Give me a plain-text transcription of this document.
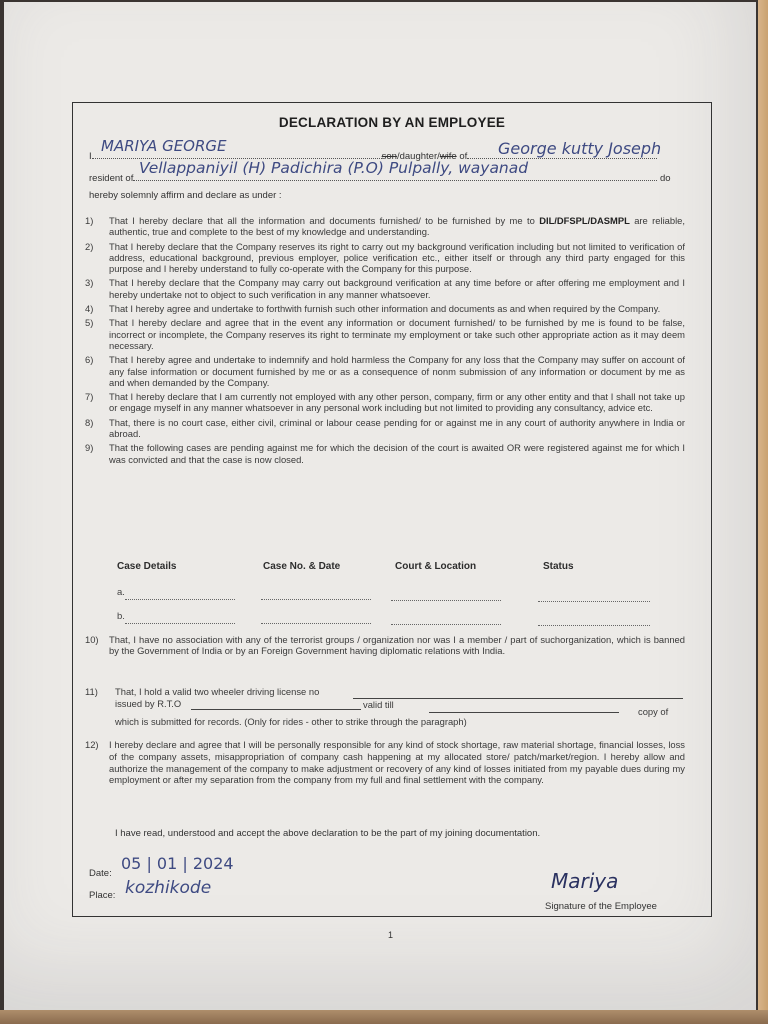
DECLARATION BY AN EMPLOYEE
I	son/daughter/wife of
MARIYA GEORGE	George kutty Joseph
resident of	do
Vellappaniyil (H) Padichira (P.O) Pulpally, wayanad
hereby solemnly affirm and declare as under :
1)	That I hereby declare that all the information and documents furnished/ to be furnished by me to DIL/DFSPL/DASMPL are reliable, authentic, true and complete to the best of my knowledge and understanding.
2)	That I hereby declare that the Company reserves its right to carry out my background verification including but not limited to verification of address, educational background, previous employer, police verification etc., either itself or through any third party engaged for this purpose and I hereby understand to fully co-operate with the Company for this purpose.
3)	That I hereby declare that the Company may carry out background verification at any time before or after offering me employment and I hereby undertake not to object to such verification in any manner whatsoever.
4)	That I hereby agree and undertake to forthwith furnish such other information and documents as and when required by the Company.
5)	That I hereby declare and agree that in the event any information or document furnished/ to be furnished by me is found to be false, incorrect or incomplete, the Company reserves its right to terminate my employment or take such other appropriate action as it may deem necessary.
6)	That I hereby agree and undertake to indemnify and hold harmless the Company for any loss that the Company may suffer on account of any false information or document furnished by me or as a consequence of nonm submission of any information or document by me as and when demanded by the Company.
7)	That I hereby declare that I am currently not employed with any other person, company, firm or any other entity and that I shall not take up or engage myself in any manner whatsoever in any personal work including but not limited to providing any consultancy, advice etc.
8)	That, there is no court case, either civil, criminal or labour cease pending for or against me in any court of authority anywhere in India or abroad.
9)	That the following cases are pending against me for which the decision of the court is awaited OR were registered against me for which I was convicted and that the case is now closed.
Case Details	Case No. & Date	Court & Location	Status
a.
b.
10)	That, I have no association with any of the terrorist groups / organization nor was I a member / part of suchorganization, which is banned by the Government of India or by an Foreign Government having diplomatic relations with India.
11) That, I hold a valid two wheeler driving license no
issued by R.T.O	valid till
copy of
which is submitted for records. (Only for rides - other to strike through the paragraph)
12)	I hereby declare and agree that I will be personally responsible for any kind of stock shortage, raw material shortage, financial losses, loss of the company assets, misappropriation of company cash happening at my allocated store/ patch/market/region. I hereby allow and authorize the management of the company to make adjustment or recovery of any kind of losses initiated from my payable dues during my employment or after my separation from the company from my full and final settlement with the company.
I have read, understood and accept the above declaration to be the part of my joining documentation.
Date:
05 | 01 | 2024
Place: kozhikode	Mariya
Signature of the Employee
1
